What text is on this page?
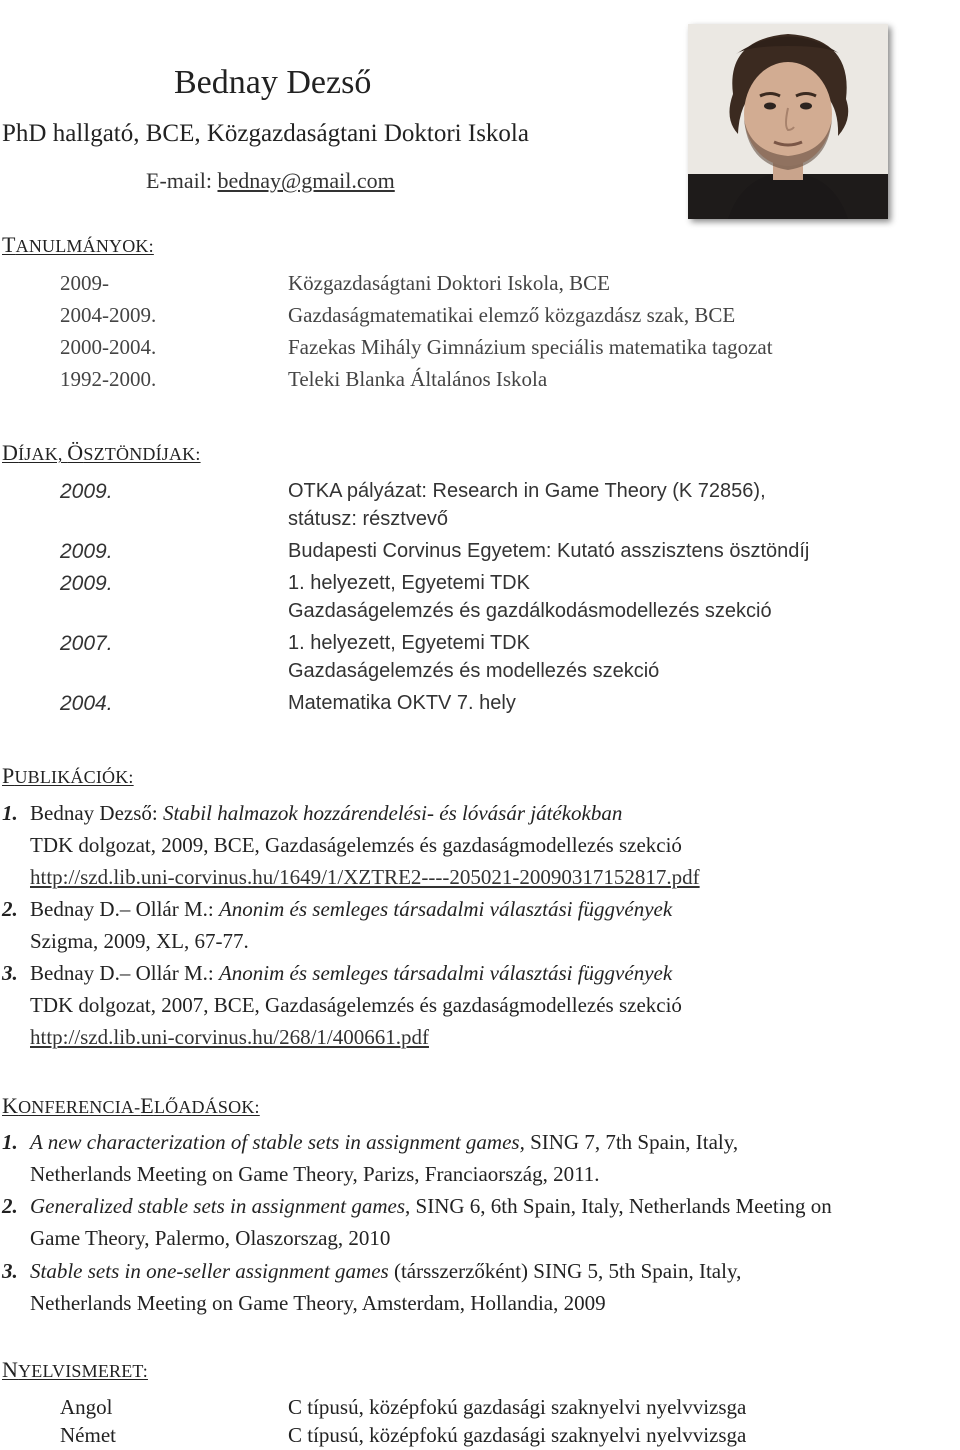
Bednay Dezső
PhD hallgató, BCE, Közgazdaságtani Doktori Iskola
E-mail: bednay@gmail.com
TANULMÁNYOK:
2009-	Közgazdaságtani Doktori Iskola, BCE
2004-2009.	Gazdaságmatematikai elemző közgazdász szak, BCE
2000-2004.	Fazekas Mihály Gimnázium speciális matematika tagozat
1992-2000.	Teleki Blanka Általános Iskola
DÍJAK, ÖSZTÖNDÍJAK:
2009.	OTKA pályázat: Research in Game Theory (K 72856),
státusz: résztvevő
2009.	Budapesti Corvinus Egyetem: Kutató asszisztens ösztöndíj
2009.	1. helyezett, Egyetemi TDK
Gazdaságelemzés és gazdálkodásmodellezés szekció
2007.	1. helyezett, Egyetemi TDK
Gazdaságelemzés és modellezés szekció
2004.	Matematika OKTV 7. hely
PUBLIKÁCIÓK:
1. Bednay Dezső: Stabil halmazok hozzárendelési- és lóvásár játékokban
TDK dolgozat, 2009, BCE, Gazdaságelemzés és gazdaságmodellezés szekció
http://szd.lib.uni-corvinus.hu/1649/1/XZTRE2----205021-20090317152817.pdf
2. Bednay D.– Ollár M.: Anonim és semleges társadalmi választási függvények
Szigma, 2009, XL, 67-77.
3. Bednay D.– Ollár M.: Anonim és semleges társadalmi választási függvények
TDK dolgozat, 2007, BCE, Gazdaságelemzés és gazdaságmodellezés szekció
http://szd.lib.uni-corvinus.hu/268/1/400661.pdf
KONFERENCIA-ELŐADÁSOK:
1. A new characterization of stable sets in assignment games, SING 7, 7th Spain, Italy,
Netherlands Meeting on Game Theory, Parizs, Franciaország, 2011.
2. Generalized stable sets in assignment games, SING 6, 6th Spain, Italy, Netherlands Meeting on
Game Theory, Palermo, Olaszorszag, 2010
3. Stable sets in one-seller assignment games (társszerzőként) SING 5, 5th Spain, Italy,
Netherlands Meeting on Game Theory, Amsterdam, Hollandia, 2009
NYELVISMERET:
Angol	C típusú, középfokú gazdasági szaknyelvi nyelvvizsga
Német	C típusú, középfokú gazdasági szaknyelvi nyelvvizsga
